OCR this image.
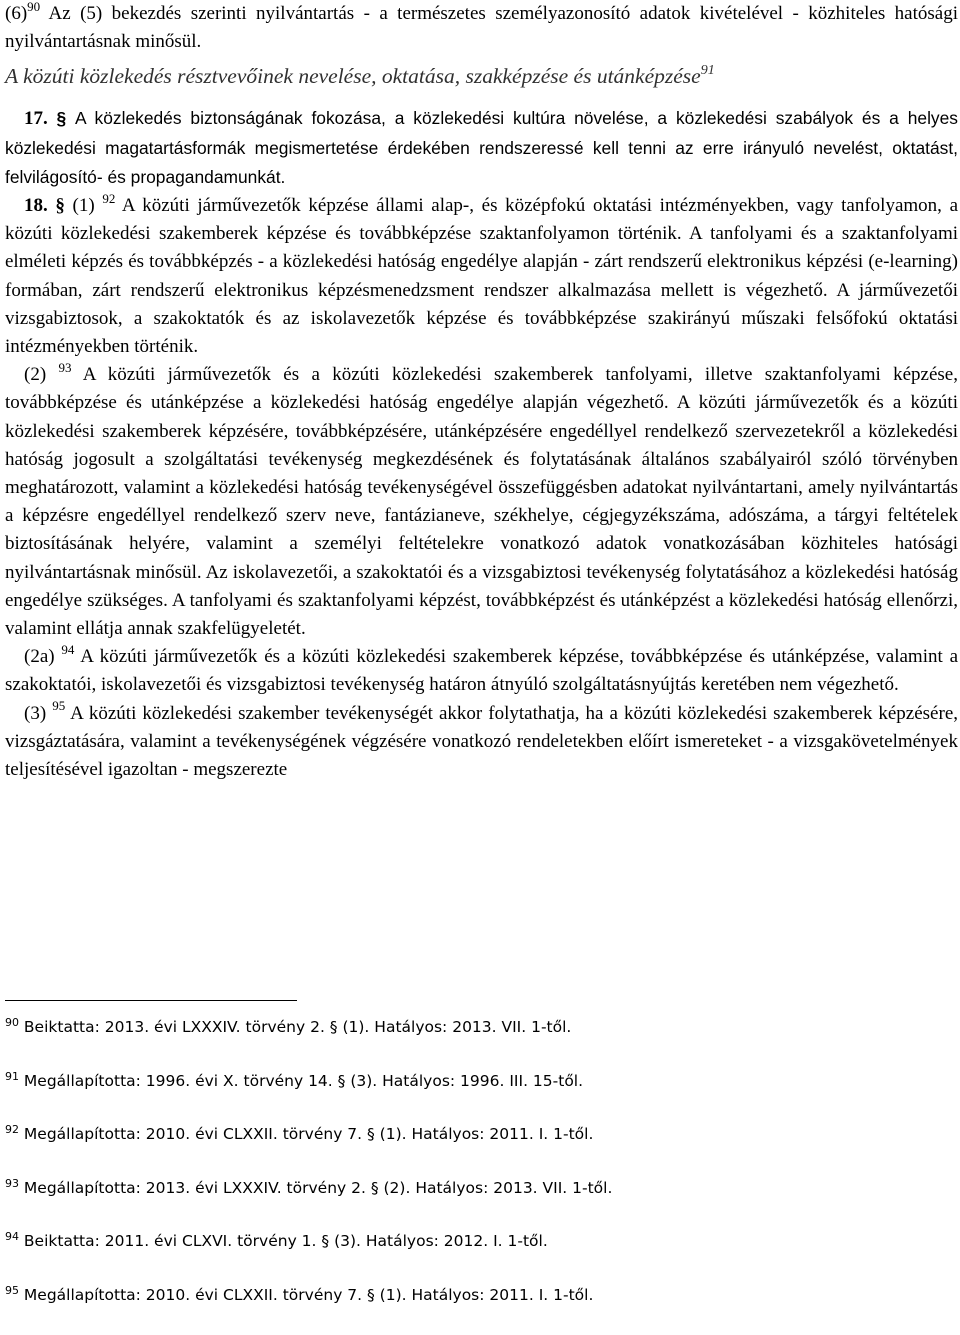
$(6)^{90}$ Az (5) bekezdés szerinti nyilvántartás - a természetes személyazonosító adatok kivételével - közhiteles hatósági nyilvántartásnak minősül.

A közúti közlekedés résztvevőinek nevelése, oktatása, szakképzése és utánképzése$^{91}$

17. § A közlekedés biztonságának fokozása, a közlekedési kultúra növelése, a közlekedési szabályok és a helyes közlekedési magatartásformák megismertetése érdekében rendszeressé kell tenni az erre irányuló nevelést, oktatást, felvilágosító- és propagandamunkát.

18. § (1) $^{92}$ A közúti járművezetők képzése állami alap-, és középfokú oktatási intézményekben, vagy tanfolyamon, a közúti közlekedési szakemberek képzése és továbbképzése szaktanfolyamon történik. A tanfolyami és a szaktanfolyami elméleti képzés és továbbképzés - a közlekedési hatóság engedélye alapján - zárt rendszerű elektronikus képzési (e-learning) formában, zárt rendszerű elektronikus képzésmenedzsment rendszer alkalmazása mellett is végezhető. A járművezetői vizsgabiztosok, a szakoktatók és az iskolavezetők képzése és továbbképzése szakirányú műszaki felsőfokú oktatási intézményekben történik.

(2) $^{93}$ A közúti járművezetők és a közúti közlekedési szakemberek tanfolyami, illetve szaktanfolyami képzése, továbbképzése és utánképzése a közlekedési hatóság engedélye alapján végezhető. A közúti járművezetők és a közúti közlekedési szakemberek képzésére, továbbképzésére, utánképzésére engedéllyel rendelkező szervezetekről a közlekedési hatóság jogosult a szolgáltatási tevékenység megkezdésének és folytatásának általános szabályairól szóló törvényben meghatározott, valamint a közlekedési hatóság tevékenységével összefüggésben adatokat nyilvántartani, amely nyilvántartás a képzésre engedéllyel rendelkező szerv neve, fantázianeve, székhelye, cégjegyzékszáma, adószáma, a tárgyi feltételek biztosításának helyére, valamint a személyi feltételekre vonatkozó adatok vonatkozásában közhiteles hatósági nyilvántartásnak minősül. Az iskolavezetői, a szakoktatói és a vizsgabiztosi tevékenység folytatásához a közlekedési hatóság engedélye szükséges. A tanfolyami és szaktanfolyami képzést, továbbképzést és utánképzést a közlekedési hatóság ellenőrzi, valamint ellátja annak szakfelügyeletét.

(2a) $^{94}$ A közúti járművezetők és a közúti közlekedési szakemberek képzése, továbbképzése és utánképzése, valamint a szakoktatói, iskolavezetői és vizsgabiztosi tevékenység határon átnyúló szolgáltatásnyújtás keretében nem végezhető.

(3) $^{95}$ A közúti közlekedési szakember tevékenységét akkor folytathatja, ha a közúti közlekedési szakemberek képzésére, vizsgáztatására, valamint a tevékenységének végzésére vonatkozó rendeletekben előírt ismereteket - a vizsgakövetelmények teljesítésével igazoltan - megszerezte

$^{90}$ Beiktatta: 2013. évi LXXXIV. törvény 2. § (1). Hatályos: 2013. VII. 1-től.
$^{91}$ Megállapította: 1996. évi X. törvény 14. § (3). Hatályos: 1996. III. 15-től.
$^{92}$ Megállapította: 2010. évi CLXXII. törvény 7. § (1). Hatályos: 2011. I. 1-től.
$^{93}$ Megállapította: 2013. évi LXXXIV. törvény 2. § (2). Hatályos: 2013. VII. 1-től.
$^{94}$ Beiktatta: 2011. évi CLXVI. törvény 1. § (3). Hatályos: 2012. I. 1-től.
$^{95}$ Megállapította: 2010. évi CLXXII. törvény 7. § (1). Hatályos: 2011. I. 1-től.
